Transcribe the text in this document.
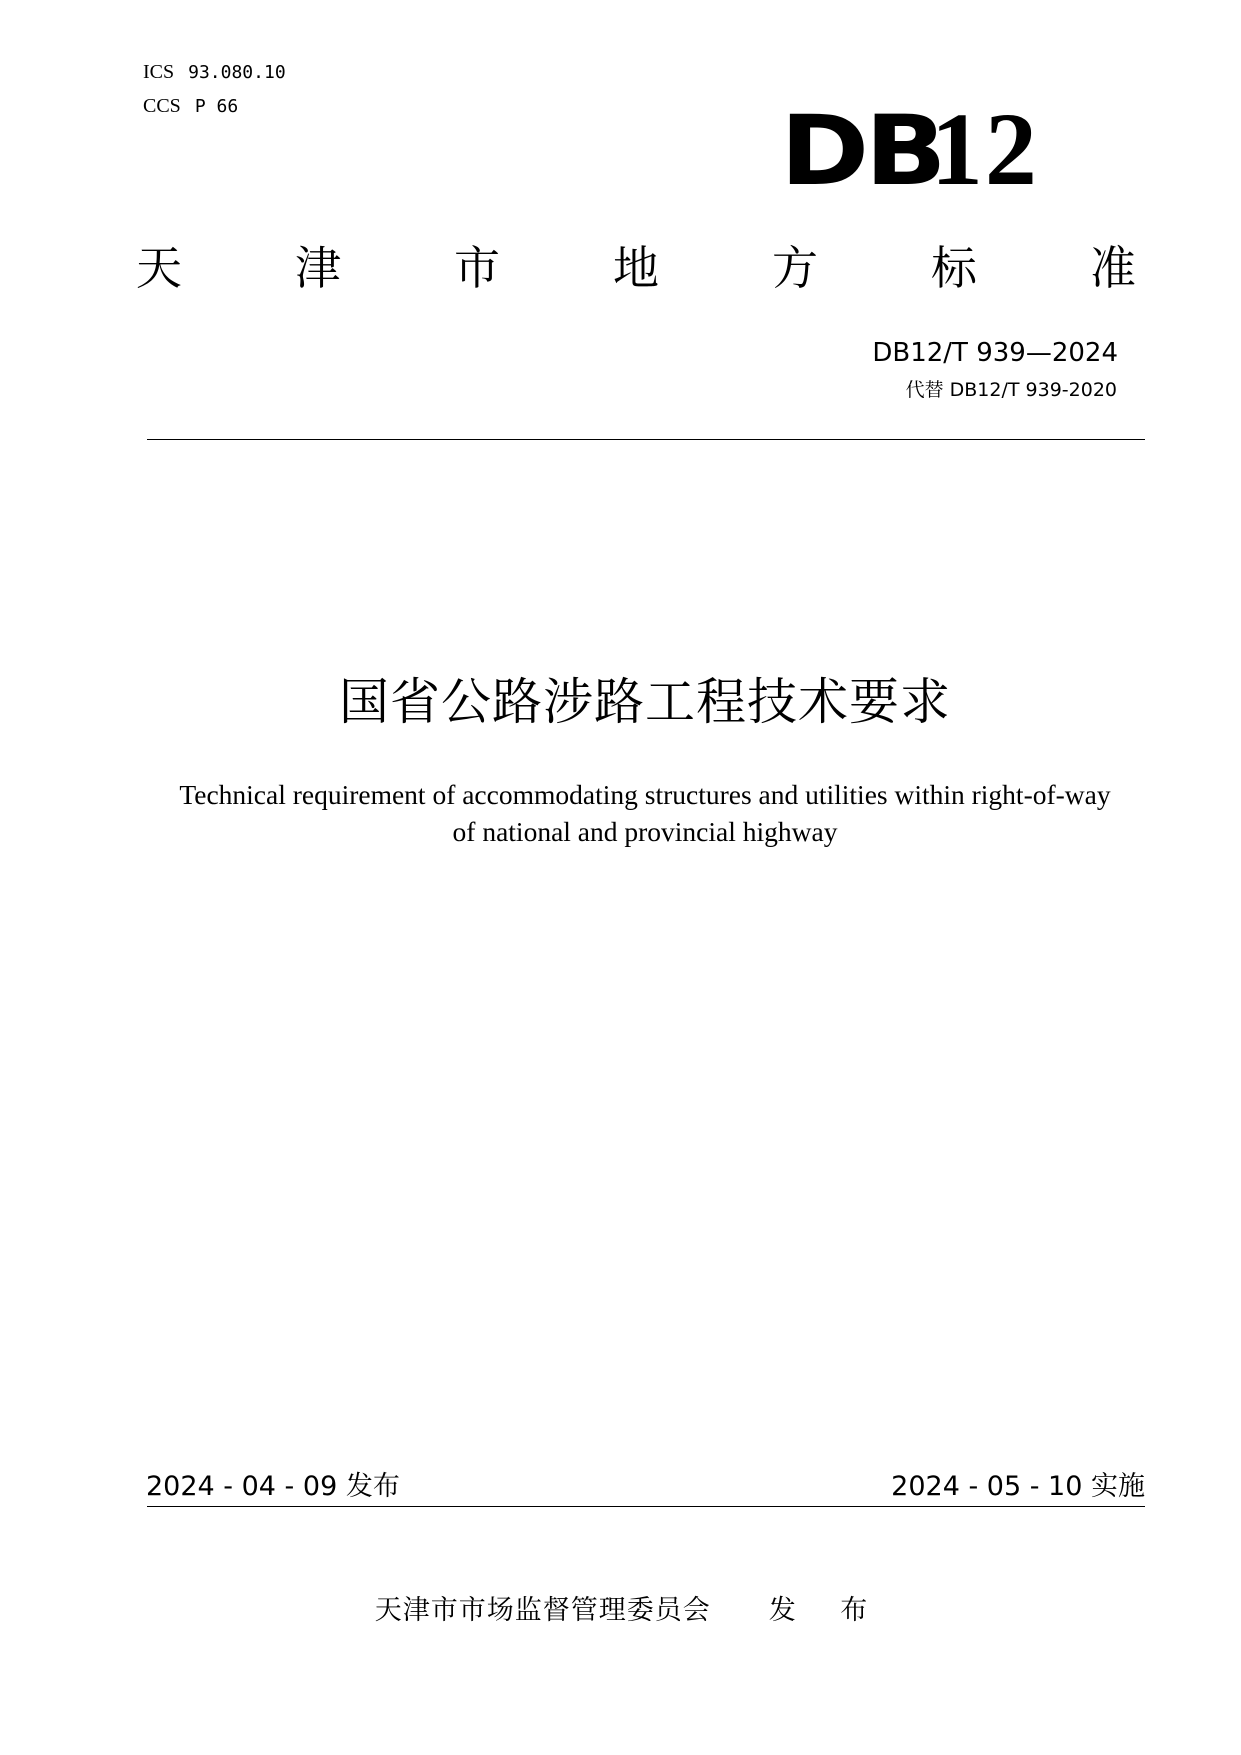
ICS 93.080.10
CCS P 66	DB12
天 津 市 地 方 标 准
DB12/T 939—2024
代替 DB12/T 939-2020
国省公路涉路工程技术要求
Technical requirement of accommodating structures and utilities within right-of-way
of national and provincial highway
2024 - 04 - 09 发布	2024 - 05 - 10 实施
天津市市场监督管理委员会 发 布
